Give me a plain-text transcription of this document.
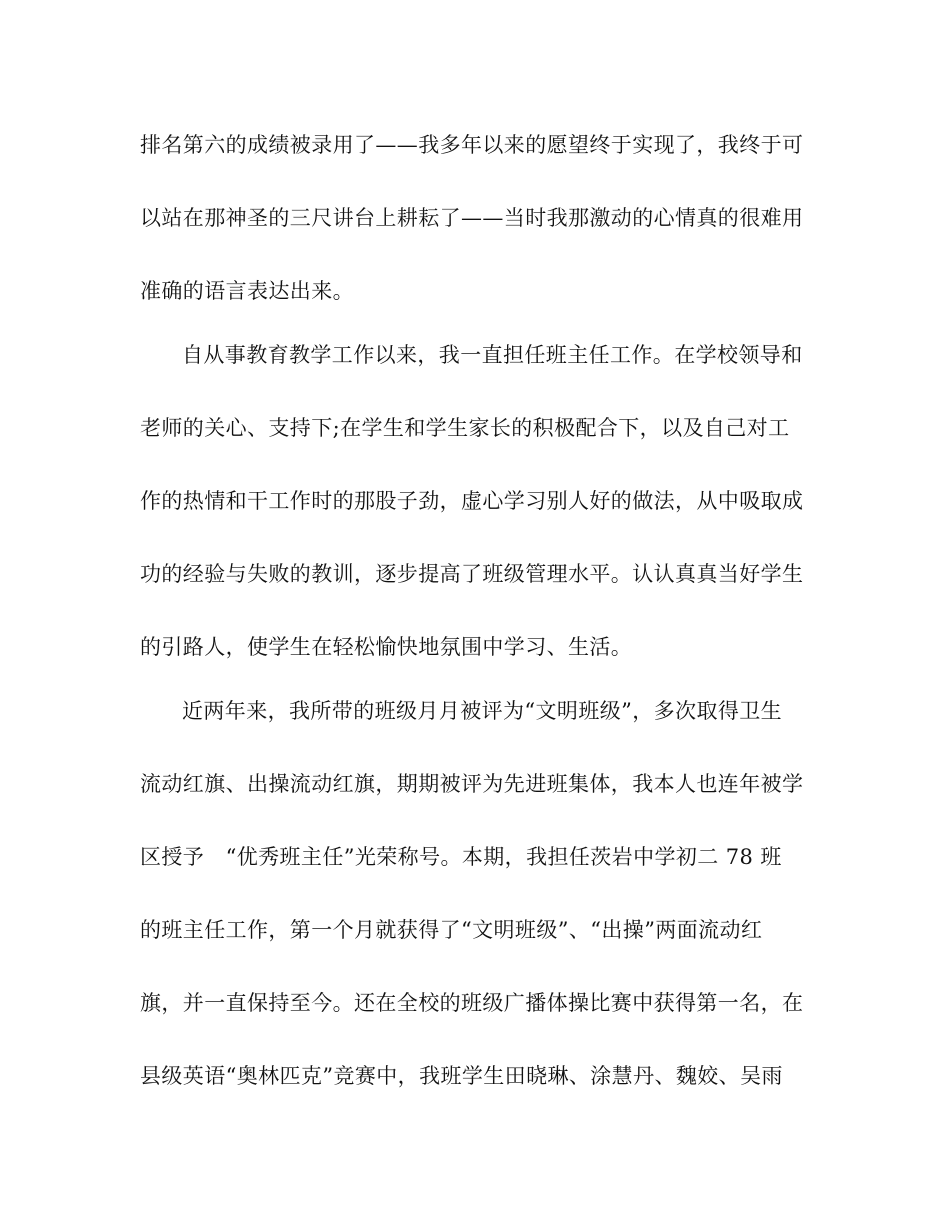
排名第六的成绩被录用了——我多年以来的愿望终于实现了，我终于可
以站在那神圣的三尺讲台上耕耘了——当时我那激动的心情真的很难用
准确的语言表达出来。
自从事教育教学工作以来，我一直担任班主任工作。在学校领导和
老师的关心、支持下;在学生和学生家长的积极配合下，以及自己对工
作的热情和干工作时的那股子劲，虚心学习别人好的做法，从中吸取成
功的经验与失败的教训，逐步提高了班级管理水平。认认真真当好学生
的引路人，使学生在轻松愉快地氛围中学习、生活。
近两年来，我所带的班级月月被评为“文明班级”，多次取得卫生
流动红旗、出操流动红旗，期期被评为先进班集体，我本人也连年被学
区授予　“优秀班主任”光荣称号。本期，我担任茨岩中学初二 78 班
的班主任工作，第一个月就获得了“文明班级”、“出操”两面流动红
旗，并一直保持至今。还在全校的班级广播体操比赛中获得第一名，在
县级英语“奥林匹克”竞赛中，我班学生田晓琳、涂慧丹、魏姣、吴雨
